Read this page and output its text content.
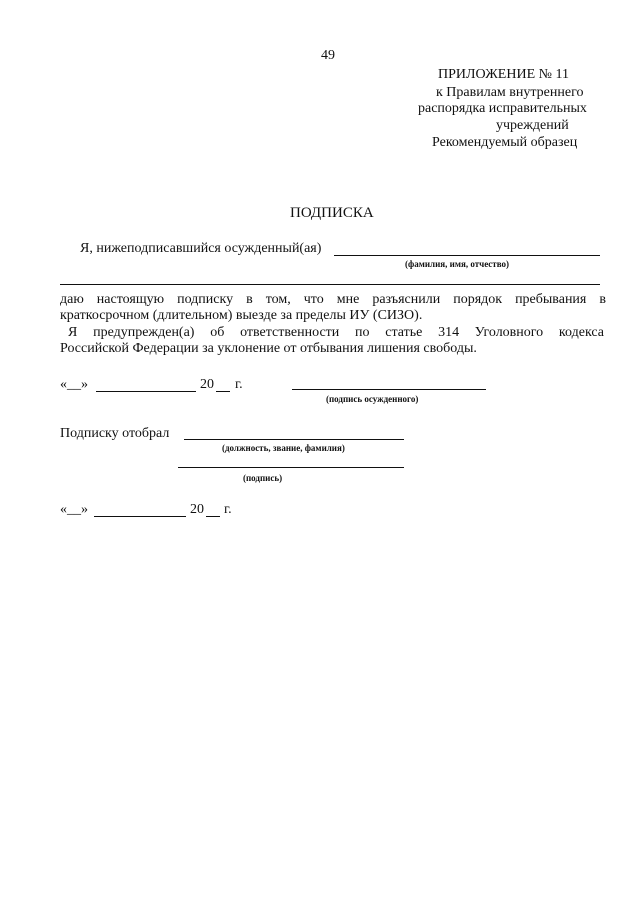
49
ПРИЛОЖЕНИЕ № 11
к Правилам внутреннего
распорядка исправительных
учреждений
Рекомендуемый образец
ПОДПИСКА
Я, нижеподписавшийся осужденный(ая)
(фамилия, имя, отчество)
даю настоящую подписку в том, что мне разъяснили порядок пребывания в
краткосрочном (длительном) выезде за пределы ИУ (СИЗО).
Я предупрежден(а) об ответственности по статье 314 Уголовного кодекса
Российской Федерации за уклонение от отбывания лишения свободы.
«__»	20 г.
(подпись осужденного)
Подписку отобрал
(должность, звание, фамилия)
(подпись)
«__»	20 г.
